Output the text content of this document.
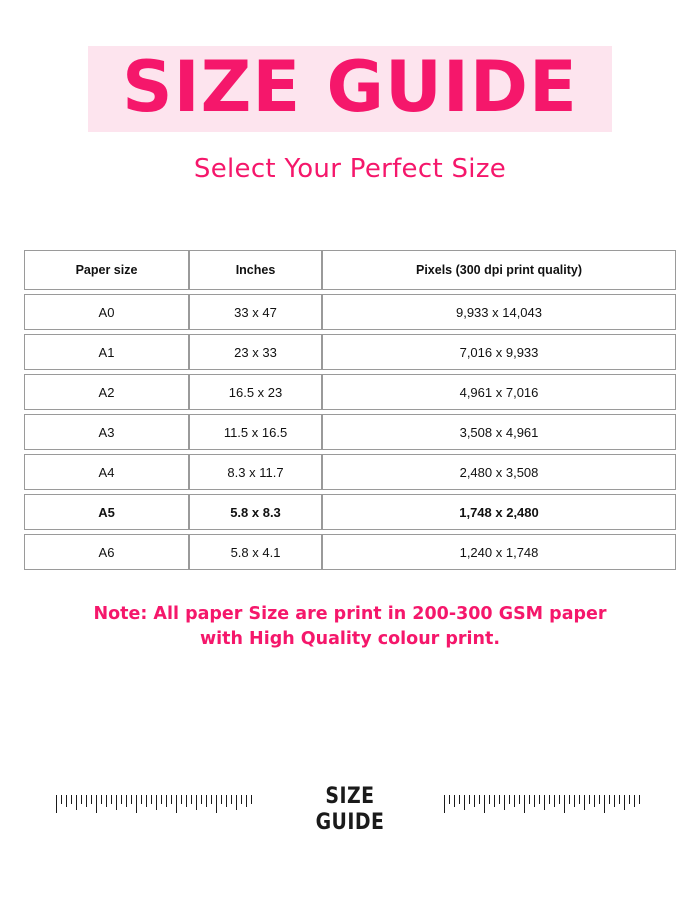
SIZE GUIDE
Select Your Perfect Size
Paper size	Inches	Pixels (300 dpi print quality)
A0	33 x 47	9,933 x 14,043
A1	23 x 33	7,016 x 9,933
A2	16.5 x 23	4,961 x 7,016
A3	11.5 x 16.5	3,508 x 4,961
A4	8.3 x 11.7	2,480 x 3,508
A5	5.8 x 8.3	1,748 x 2,480
A6	5.8 x 4.1	1,240 x 1,748
Note: All paper Size are print in 200-300 GSM paper
with High Quality colour print.
SIZE
GUIDE
